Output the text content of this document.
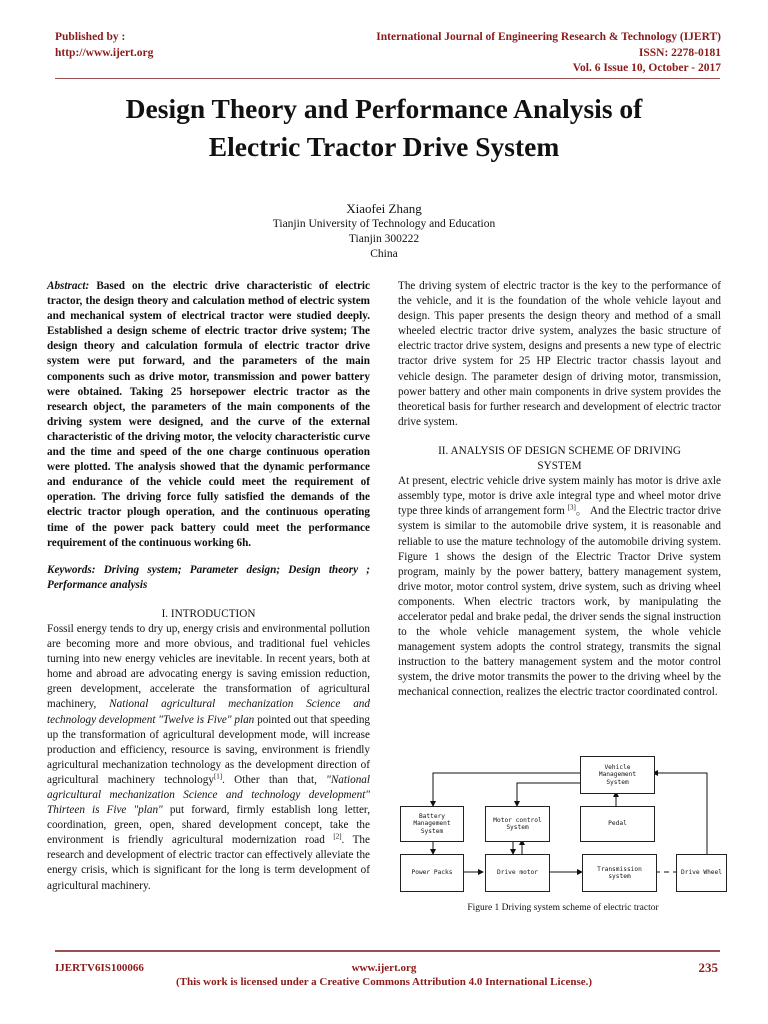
Published by :
http://www.ijert.org
International Journal of Engineering Research & Technology (IJERT)
ISSN: 2278-0181
Vol. 6 Issue 10, October - 2017
Design Theory and Performance Analysis of
Electric Tractor Drive System
Xiaofei Zhang
Tianjin University of Technology and Education
Tianjin 300222
China
Abstract: Based on the electric drive characteristic of electric tractor, the design theory and calculation method of electric system and mechanical system of electrical tractor were studied deeply. Established a design scheme of electric tractor drive system; The design theory and calculation formula of electric tractor drive system were put forward, and the parameters of the main components such as drive motor, transmission and power battery were obtained. Taking 25 horsepower electric tractor as the research object, the parameters of the main components of the driving system were designed, and the curve of the external characteristic of the driving motor, the velocity characteristic curve and the time and speed of the one charge continuous operation were plotted. The analysis showed that the dynamic performance and endurance of the vehicle could meet the requirement of operation. The driving force fully satisfied the demands of the electric tractor plough operation, and the continuous operating time of the power pack battery could meet the performance requirement of the continuous working 6h.
Keywords: Driving system; Parameter design; Design theory ; Performance analysis
I. INTRODUCTION
Fossil energy tends to dry up, energy crisis and environmental pollution are becoming more and more obvious, and traditional fuel vehicles turning into new energy vehicles are inevitable. In recent years, both at home and abroad are advocating energy is saving emission reduction, green development, accelerate the transformation of agricultural machinery, National agricultural mechanization Science and technology development "Twelve is Five" plan pointed out that speeding up the transformation of agricultural development mode, will increase production and efficiency, resource is saving, environment is friendly agricultural mechanization technology as the development direction of agricultural machinery technology[1]. Other than that, "National agricultural mechanization Science and technology development" Thirteen is Five "plan" put forward, firmly establish long letter, coordination, green, open, shared development concept, take the environment is friendly agricultural modernization road [2]. The research and development of electric tractor can effectively alleviate the energy crisis, which is significant for the long is term development of agricultural machinery.
The driving system of electric tractor is the key to the performance of the vehicle, and it is the foundation of the whole vehicle layout and design. This paper presents the design theory and method of a small wheeled electric tractor drive system, analyzes the basic structure of electric tractor drive system, designs and presents a new type of electric tractor drive system for 25 HP Electric tractor chassis layout and vehicle design. The parameter design of driving motor, transmission, power battery and other main components in drive system provides the theoretical basis for further research and development of electric tractor drive system.
II. ANALYSIS OF DESIGN SCHEME OF DRIVING
SYSTEM
At present, electric vehicle drive system mainly has motor is drive axle assembly type, motor is drive axle integral type and wheel motor drive type three kinds of arrangement form [3]。 And the Electric tractor drive system is similar to the automobile drive system, it is reasonable and reliable to use the mature technology of the automobile driving system. Figure 1 shows the design of the Electric Tractor Drive system program, mainly by the power battery, battery management system, drive motor, motor control system, drive system, such as driving wheel components. When electric tractors work, by manipulating the accelerator pedal and brake pedal, the driver sends the signal instruction to the whole vehicle management system, the whole vehicle management system adopts the control strategy, transmits the signal instruction to the battery management system and the motor control system, the drive motor transmits the power to the driving wheel by the mechanical connection, realizes the electric tractor coordinated control.
Vehicle
Management
System
Battery
Management
System
Motor control
System
Pedal
Power Packs	Drive motor
Transmission
system
Drive Wheel
Figure 1 Driving system scheme of electric tractor
IJERTV6IS100066	www.ijert.org	235
(This work is licensed under a Creative Commons Attribution 4.0 International License.)
